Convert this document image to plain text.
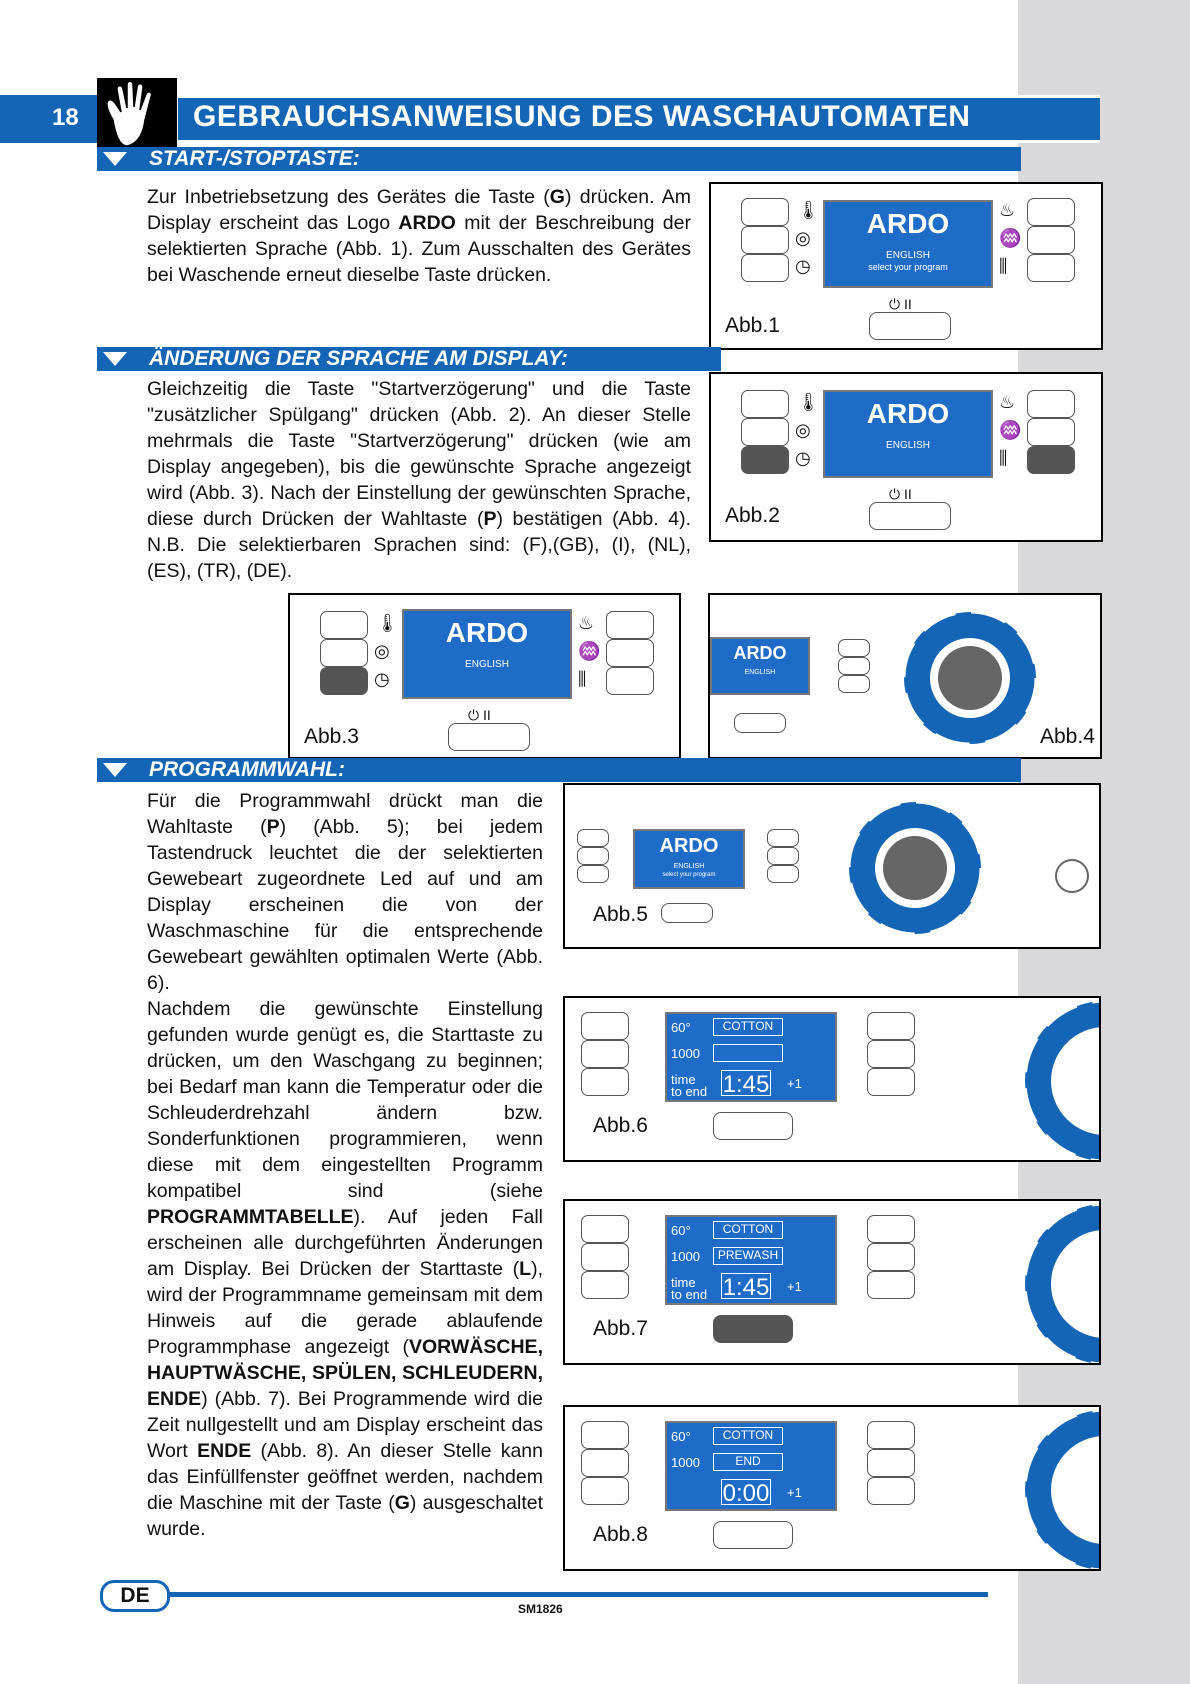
18	GEBRAUCHSANWEISUNG DES WASCHAUTOMATEN
START-/STOPTASTE:

Zur Inbetriebsetzung des Gerätes die Taste (G) drücken. Am Display erscheint das Logo ARDO mit der Beschreibung der selektierten Sprache (Abb. 1). Zum Ausschalten des Gerätes bei Waschende erneut dieselbe Taste drücken.

🌡
◎
◷
ARDO
ENGLISH
select your program
♨
♒
⫼
⏻ II
Abb.1
ÄNDERUNG DER SPRACHE AM DISPLAY:

Gleichzeitig die Taste "Startverzögerung" und die Taste "zusätzlicher Spülgang" drücken (Abb. 2). An dieser Stelle mehrmals die Taste "Startverzögerung" drücken (wie am Display angegeben), bis die gewünschte Sprache angezeigt wird (Abb. 3). Nach der Einstellung der gewünschten Sprache, diese durch Drücken der Wahltaste (P) bestätigen (Abb. 4). N.B. Die selektierbaren Sprachen sind: (F),(GB), (I), (NL), (ES), (TR), (DE).

🌡
◎
◷
ARDO
ENGLISH
♨
♒
⫼
⏻ II
Abb.2
🌡
◎
◷
ARDO
ENGLISH
♨
♒
⫼
⏻ II
Abb.3
ARDO
ENGLISH
Abb.4
PROGRAMMWAHL:

Für die Programmwahl drückt man die Wahltaste (P) (Abb. 5); bei jedem Tastendruck leuchtet die der selektierten Gewebeart zugeordnete Led auf und am Display erscheinen die von der Waschmaschine für die entsprechende Gewebeart gewählten optimalen Werte (Abb. 6).
Nachdem die gewünschte Einstellung gefunden wurde genügt es, die Starttaste zu drücken, um den Waschgang zu beginnen; bei Bedarf man kann die Temperatur oder die Schleuderdrehzahl ändern bzw. Sonderfunktionen programmieren, wenn diese mit dem eingestellten Programm kompatibel sind (siehe PROGRAMMTABELLE). Auf jeden Fall erscheinen alle durchgeführten Änderungen am Display. Bei Drücken der Starttaste (L), wird der Programmname gemeinsam mit dem Hinweis auf die gerade ablaufende Programmphase angezeigt (VORWÄSCHE, HAUPTWÄSCHE, SPÜLEN, SCHLEUDERN, ENDE) (Abb. 7). Bei Programmende wird die Zeit nullgestellt und am Display erscheint das Wort ENDE (Abb. 8). An dieser Stelle kann das Einfüllfenster geöffnet werden, nachdem die Maschine mit der Taste (G) ausgeschaltet wurde.

ARDO
ENGLISH
select your program
Abb.5
60°	COTTON
1000
time
to end 1:45 +1
Abb.6
60°	COTTON
1000	PREWASH
time
to end 1:45 +1
Abb.7
60°	COTTON
1000	END
0:00 +1
Abb.8
DE
SM1826
